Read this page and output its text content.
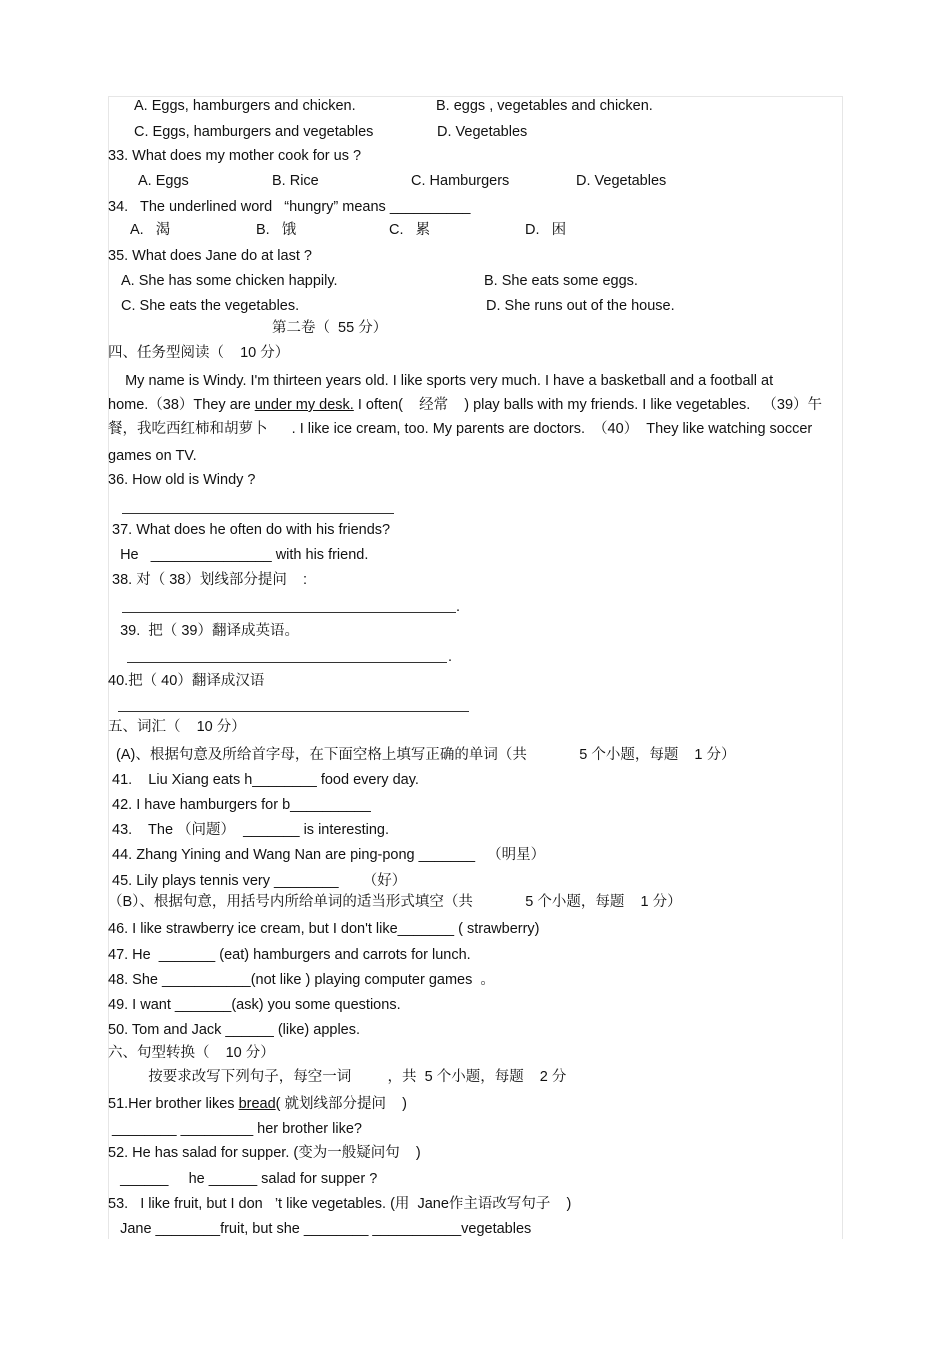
A. Eggs, hamburgers and chicken.	B. eggs , vegetables and chicken.
C. Eggs, hamburgers and vegetables	D. Vegetables
33. What does my mother cook for us ?
A. Eggs	B. Rice	C. Hamburgers	D. Vegetables
34.   The underlined word   “hungry” means __________
A.   渴	B.   饿	C.   累	D.   困
35. What does Jane do at last ?
A. She has some chicken happily.	B. She eats some eggs.
C. She eats the vegetables.	D. She runs out of the house.
第二卷（  55 分）
四、任务型阅读（    10 分）
My name is Windy. I'm thirteen years old. I like sports very much. I have a basketball and a football at
home.（38）They are under my desk. I often(    经常    ) play balls with my friends. I like vegetables.   （39）午
餐，我吃西红柿和胡萝卜      . I like ice cream, too. My parents are doctors.  （40）  They like watching soccer
games on TV.
36. How old is Windy ?
37. What does he often do with his friends?
He   _______________ with his friend.
38. 对（ 38）划线部分提问    :
.
39.  把（ 39）翻译成英语。
.
40.把（ 40）翻译成汉语
五、词汇（    10 分）
(A)、根据句意及所给首字母，在下面空格上填写正确的单词（共             5 个小题，每题    1 分）
41.    Liu Xiang eats h________ food every day.
42. I have hamburgers for b__________
43.    The （问题）  _______ is interesting.
44. Zhang Yining and Wang Nan are ping-pong _______   （明星）
45. Lily plays tennis very ________      （好）
（B）、根据句意，用括号内所给单词的适当形式填空（共             5 个小题，每题    1 分）
46. I like strawberry ice cream, but I don't like_______ ( strawberry)
47. He  _______ (eat) hamburgers and carrots for lunch.
48. She ___________(not like ) playing computer games  。
49. I want _______(ask) you some questions.
50. Tom and Jack ______ (like) apples.
六、句型转换（    10 分）
按要求改写下列句子，每空一词         ，共  5 个小题，每题    2 分
51.Her brother likes bread( 就划线部分提问    )
________ _________ her brother like?
52. He has salad for supper. (变为一般疑问句    )
______     he ______ salad for supper ?
53.   I like fruit, but I don   ’t like vegetables. (用  Jane作主语改写句子    )
Jane ________fruit, but she ________ ___________vegetables
